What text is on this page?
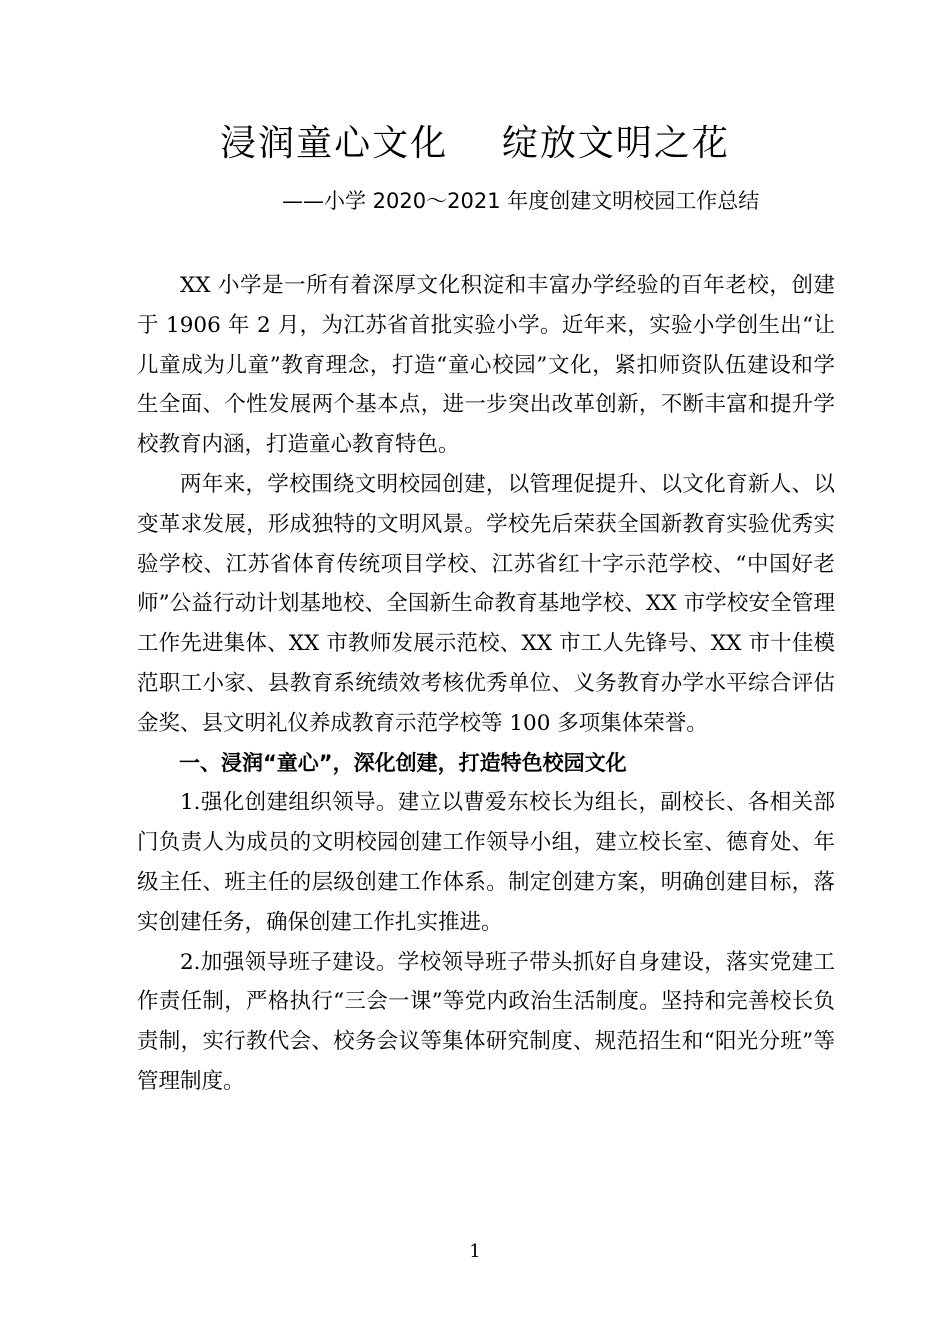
浸润童心文化    绽放文明之花
——小学 2020～2021 年度创建文明校园工作总结

XX 小学是一所有着深厚文化积淀和丰富办学经验的百年老校，创建于 1906 年 2 月，为江苏省首批实验小学。近年来，实验小学创生出“让儿童成为儿童”教育理念，打造“童心校园”文化，紧扣师资队伍建设和学生全面、个性发展两个基本点，进一步突出改革创新，不断丰富和提升学校教育内涵，打造童心教育特色。

两年来，学校围绕文明校园创建，以管理促提升、以文化育新人、以变革求发展，形成独特的文明风景。学校先后荣获全国新教育实验优秀实验学校、江苏省体育传统项目学校、江苏省红十字示范学校、“中国好老师”公益行动计划基地校、全国新生命教育基地学校、XX 市学校安全管理工作先进集体、XX 市教师发展示范校、XX 市工人先锋号、XX 市十佳模范职工小家、县教育系统绩效考核优秀单位、义务教育办学水平综合评估金奖、县文明礼仪养成教育示范学校等 100 多项集体荣誉。

一、浸润“童心”，深化创建，打造特色校园文化

1.强化创建组织领导。建立以曹爱东校长为组长，副校长、各相关部门负责人为成员的文明校园创建工作领导小组，建立校长室、德育处、年级主任、班主任的层级创建工作体系。制定创建方案，明确创建目标，落实创建任务，确保创建工作扎实推进。

2.加强领导班子建设。学校领导班子带头抓好自身建设，落实党建工作责任制，严格执行“三会一课”等党内政治生活制度。坚持和完善校长负责制，实行教代会、校务会议等集体研究制度、规范招生和“阳光分班”等管理制度。

1
